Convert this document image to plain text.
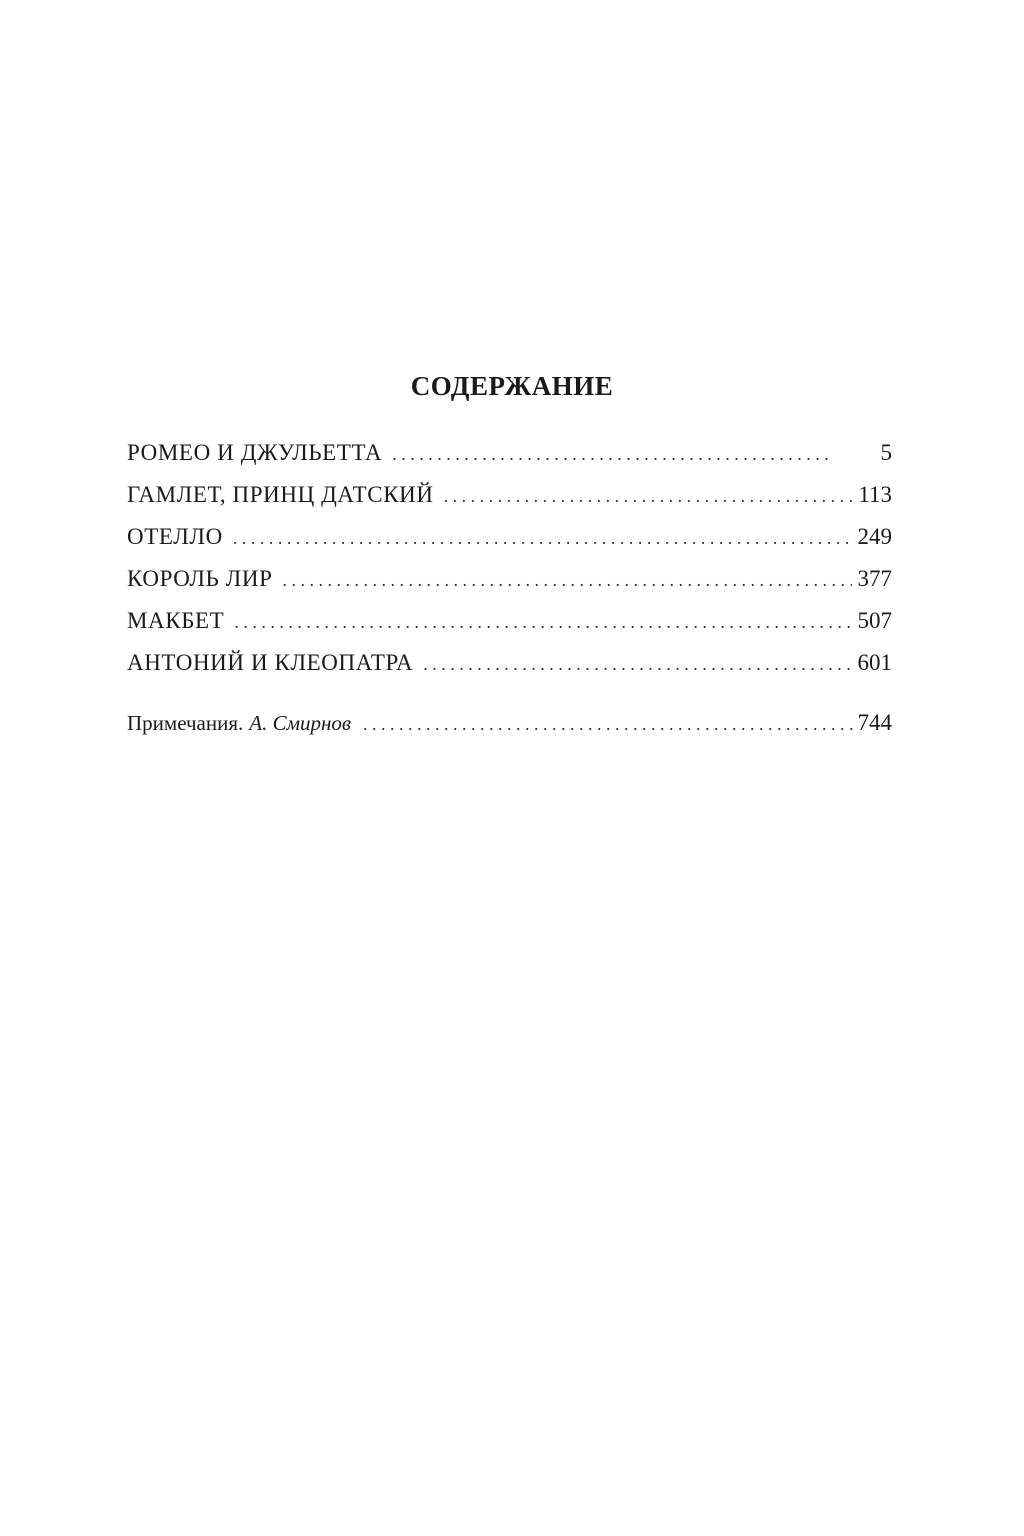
СОДЕРЖАНИЕ
РОМЕО И ДЖУЛЬЕТТА . . .	5
ГАМЛЕТ, ПРИНЦ ДАТСКИЙ . . .	113
ОТЕЛЛО . . .	249
КОРОЛЬ ЛИР . . .	377
МАКБЕТ . . .	507
АНТОНИЙ И КЛЕОПАТРА . . .	601
Примечания. А. Смирнов . . .	744
